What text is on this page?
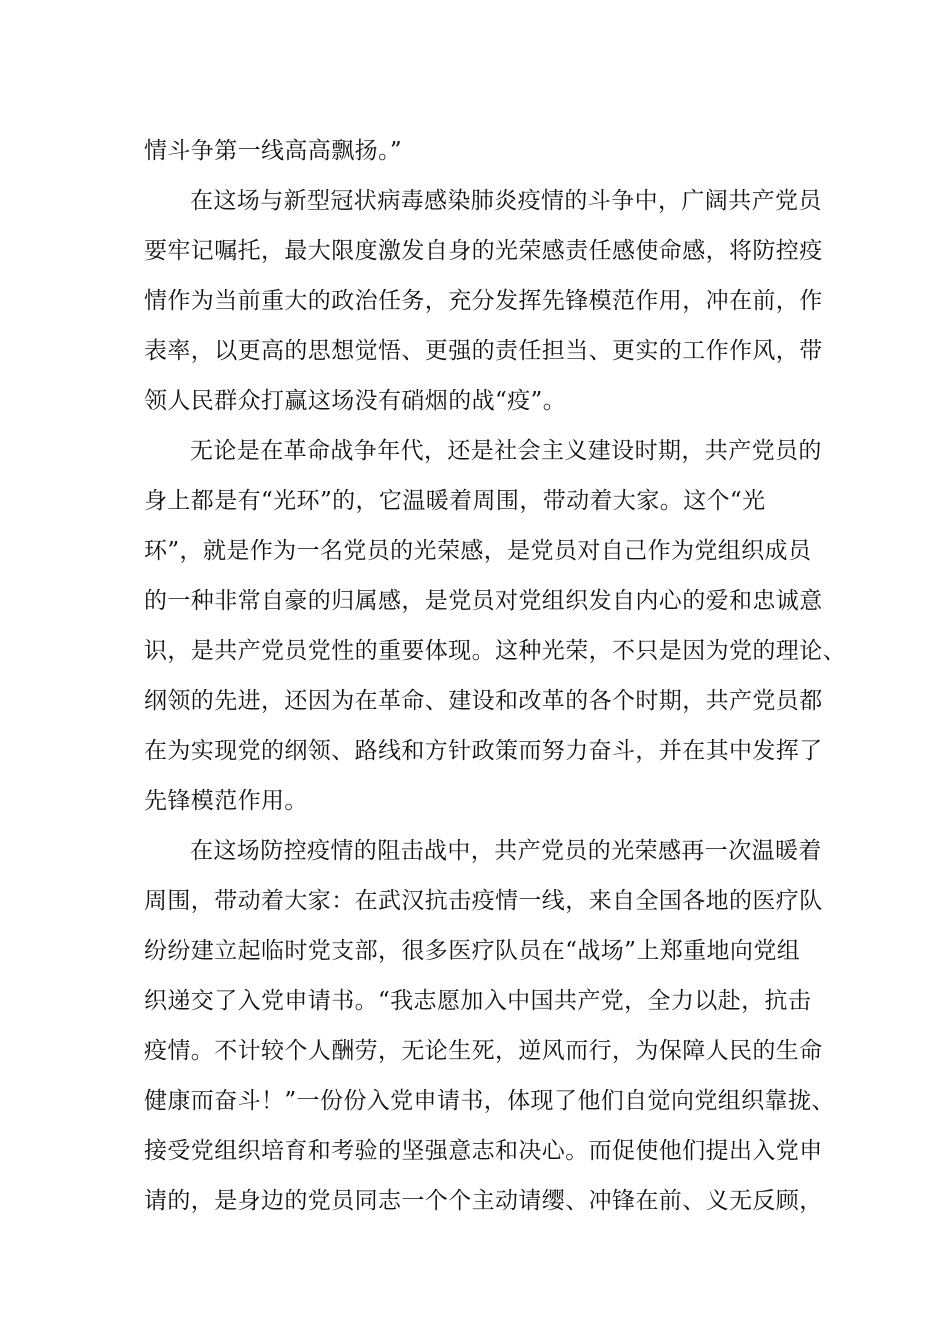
情斗争第一线高高飘扬。”
在这场与新型冠状病毒感染肺炎疫情的斗争中，广阔共产党员
要牢记嘱托，最大限度激发自身的光荣感责任感使命感，将防控疫
情作为当前重大的政治任务，充分发挥先锋模范作用，冲在前，作
表率，以更高的思想觉悟、更强的责任担当、更实的工作作风，带
领人民群众打赢这场没有硝烟的战“疫”。
无论是在革命战争年代，还是社会主义建设时期，共产党员的
身上都是有“光环”的，它温暖着周围，带动着大家。这个“光
环”，就是作为一名党员的光荣感，是党员对自己作为党组织成员
的一种非常自豪的归属感，是党员对党组织发自内心的爱和忠诚意
识，是共产党员党性的重要体现。这种光荣，不只是因为党的理论、
纲领的先进，还因为在革命、建设和改革的各个时期，共产党员都
在为实现党的纲领、路线和方针政策而努力奋斗，并在其中发挥了
先锋模范作用。
在这场防控疫情的阻击战中，共产党员的光荣感再一次温暖着
周围，带动着大家：在武汉抗击疫情一线，来自全国各地的医疗队
纷纷建立起临时党支部，很多医疗队员在“战场”上郑重地向党组
织递交了入党申请书。“我志愿加入中国共产党，全力以赴，抗击
疫情。不计较个人酬劳，无论生死，逆风而行，为保障人民的生命
健康而奋斗！”一份份入党申请书，体现了他们自觉向党组织靠拢、
接受党组织培育和考验的坚强意志和决心。而促使他们提出入党申
请的，是身边的党员同志一个个主动请缨、冲锋在前、义无反顾，
